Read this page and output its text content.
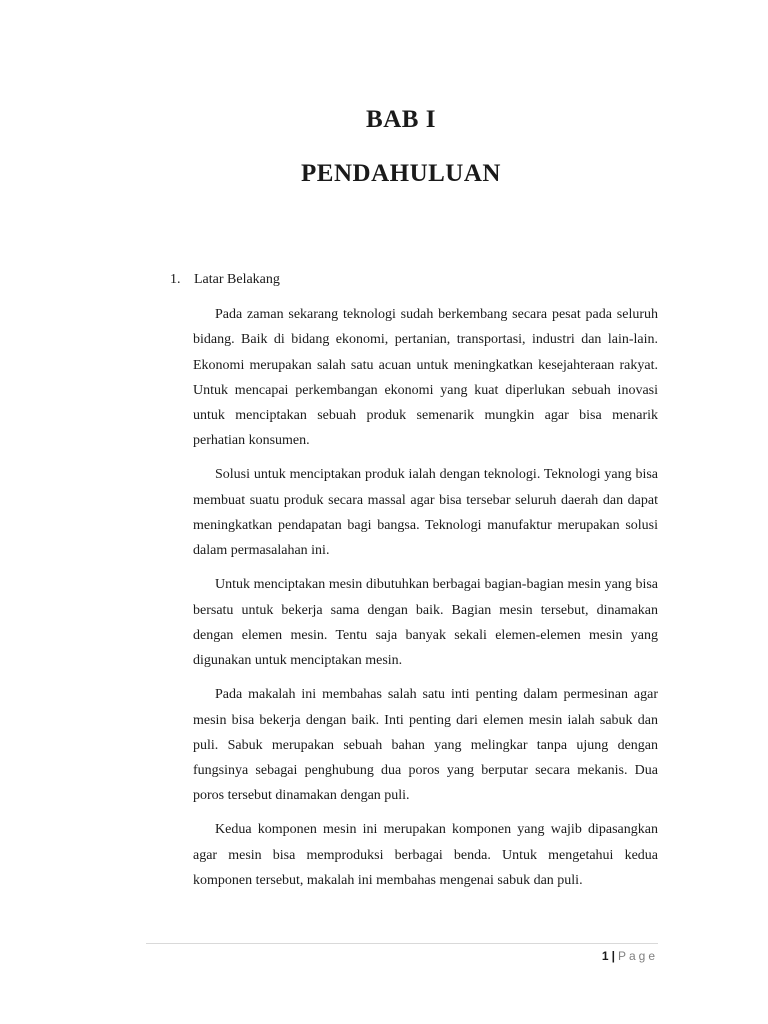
BAB I
PENDAHULUAN
1. Latar Belakang

Pada zaman sekarang teknologi sudah berkembang secara pesat pada seluruh bidang. Baik di bidang ekonomi, pertanian, transportasi, industri dan lain-lain. Ekonomi merupakan salah satu acuan untuk meningkatkan kesejahteraan rakyat. Untuk mencapai perkembangan ekonomi yang kuat diperlukan sebuah inovasi untuk menciptakan sebuah produk semenarik mungkin agar bisa menarik perhatian konsumen.

Solusi untuk menciptakan produk ialah dengan teknologi. Teknologi yang bisa membuat suatu produk secara massal agar bisa tersebar seluruh daerah dan dapat meningkatkan pendapatan bagi bangsa. Teknologi manufaktur merupakan solusi dalam permasalahan ini.

Untuk menciptakan mesin dibutuhkan berbagai bagian-bagian mesin yang bisa bersatu untuk bekerja sama dengan baik. Bagian mesin tersebut, dinamakan dengan elemen mesin. Tentu saja banyak sekali elemen-elemen mesin yang digunakan untuk menciptakan mesin.

Pada makalah ini membahas salah satu inti penting dalam permesinan agar mesin bisa bekerja dengan baik. Inti penting dari elemen mesin ialah sabuk dan puli. Sabuk merupakan sebuah bahan yang melingkar tanpa ujung dengan fungsinya sebagai penghubung dua poros yang berputar secara mekanis. Dua poros tersebut dinamakan dengan puli.

Kedua komponen mesin ini merupakan komponen yang wajib dipasangkan agar mesin bisa memproduksi berbagai benda. Untuk mengetahui kedua komponen tersebut, makalah ini membahas mengenai sabuk dan puli.

1 | Page
